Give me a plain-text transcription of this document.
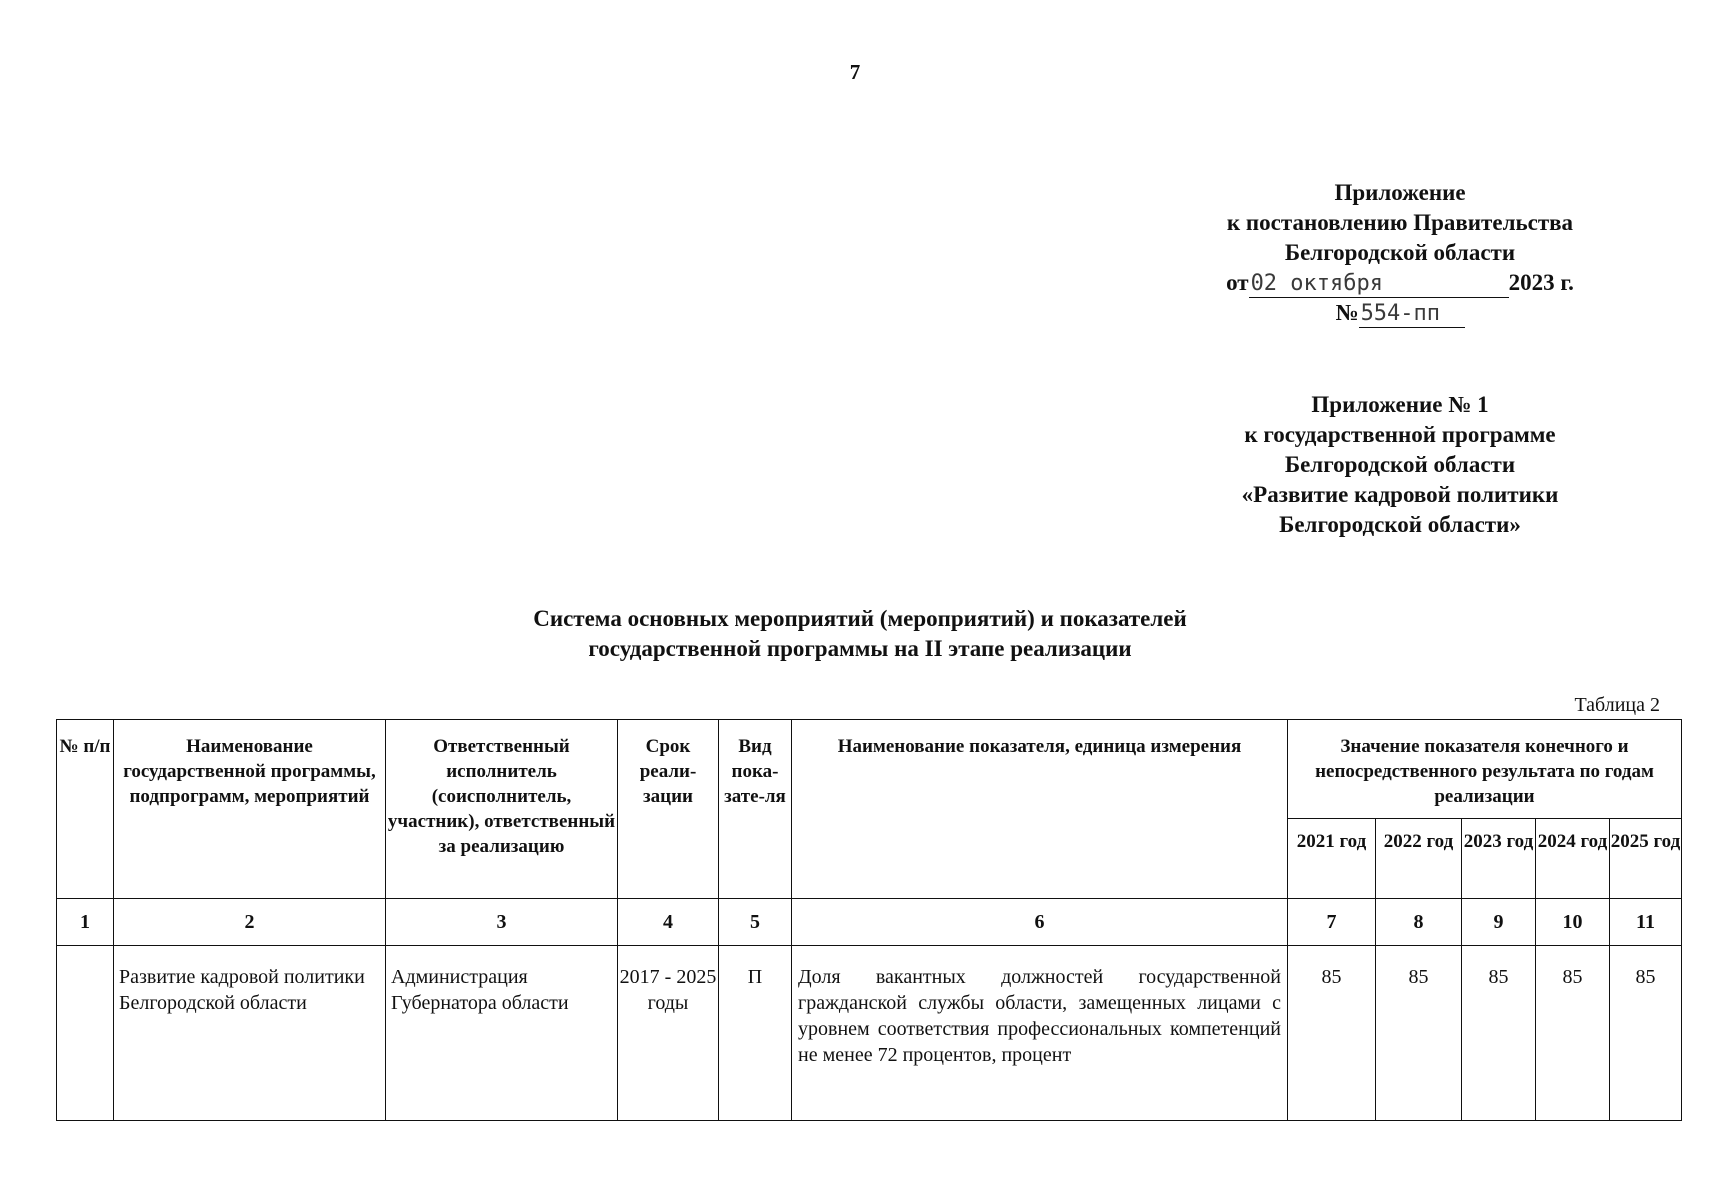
7
Приложение
к постановлению Правительства
Белгородской области
от02 октября	2023 г.
№554-пп
Приложение № 1
к государственной программе
Белгородской области
«Развитие кадровой политики
Белгородской области»
Система основных мероприятий (мероприятий) и показателей
государственной программы на II этапе реализации
Таблица 2
№ п/п	Наименование государственной программы, подпрограмм, мероприятий	Ответственный исполнитель (соисполнитель, участник), ответственный за реализацию	Срок реали-зации	Вид пока-зате-ля	Наименование показателя, единица измерения	Значение показателя конечного и непосредственного результата по годам реализации				
						2021 год	2022 год	2023 год	2024 год	2025 год
1	2	3	4	5	6	7	8	9	10	11
	Развитие кадровой политики Белгородской области	Администрация Губернатора области	2017 - 2025 годы	П	Доля вакантных должностей государственной гражданской службы области, замещенных лицами с уровнем соответствия профессиональных компетенций не менее 72 процентов, процент	85	85	85	85	85
